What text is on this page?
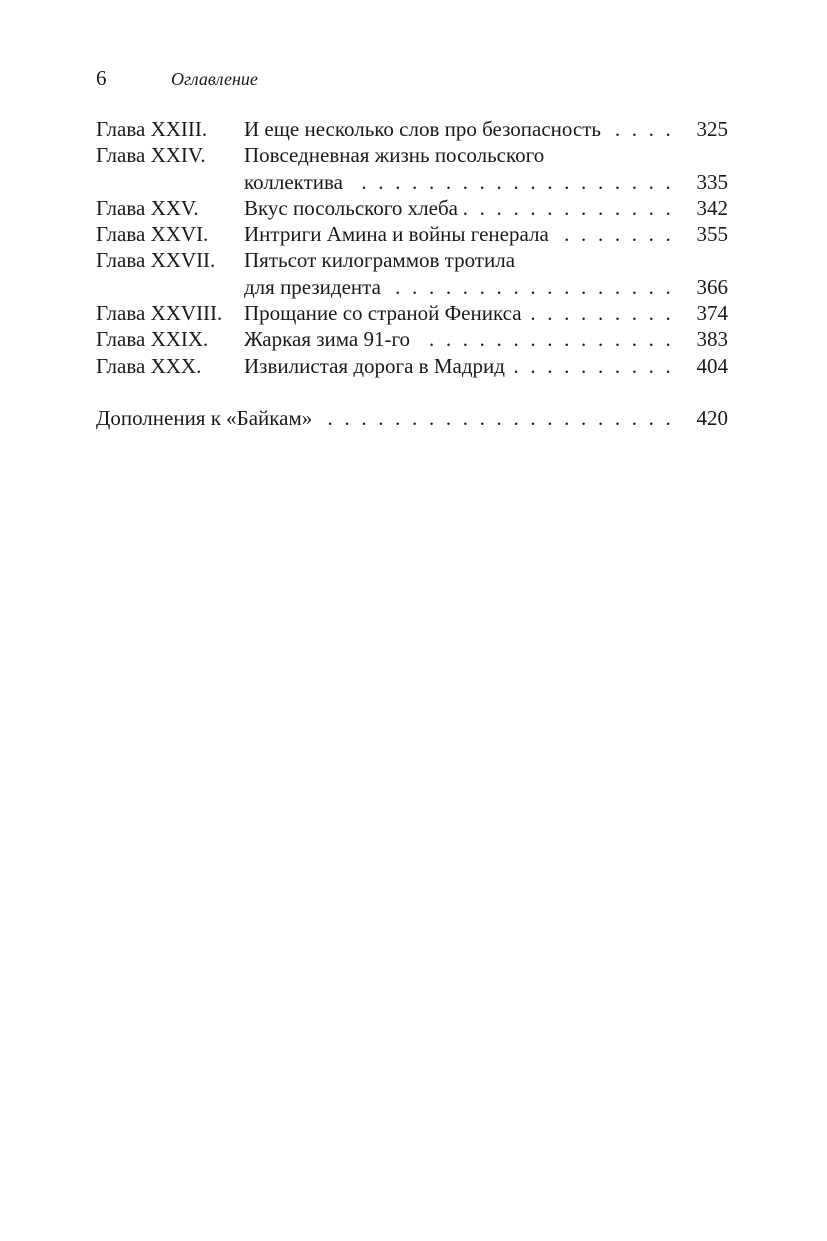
6	Оглавление
Глава XXIII.	И еще несколько слов про безопасность . . .	325
Глава XXIV.	Повседневная жизнь посольского
коллектива . . .	335
Глава XXV.	Вкус посольского хлеба . . .	342
Глава XXVI.	Интриги Амина и войны генерала . . .	355
Глава XXVII.	Пятьсот килограммов тротила
для президента . . .	366
Глава XXVIII.	Прощание со страной Феникса . . .	374
Глава XXIX.	Жаркая зима 91-го . . .	383
Глава XXX.	Извилистая дорога в Мадрид . . .	404
Дополнения к «Байкам» . . .	420
